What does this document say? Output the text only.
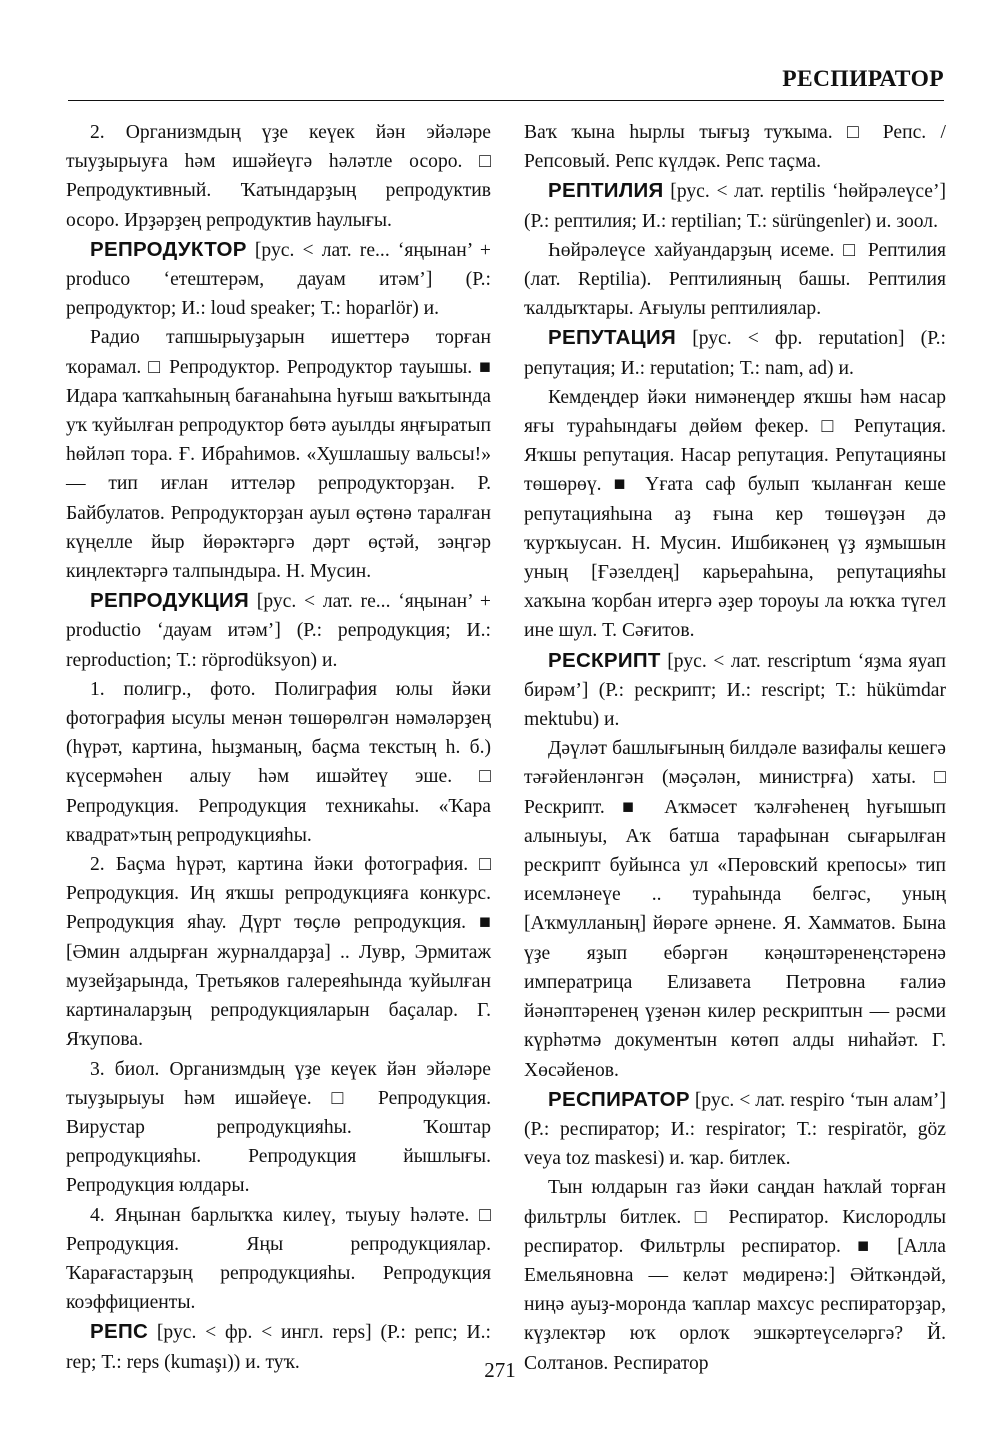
РЕСПИРАТОР

2. Организмдың үҙе кеүек йән эйәләре тыуҙырыуға һәм ишәйеүгә һәләтле осоро. □ Репродуктивный. Ҡатындарҙың репродуктив осоро. Ирҙәрҙең репродуктив һаулығы.

РЕПРОДУКТОР [рус. < лат. re... ‘яңынан’ + produco ‘етештерәм, дауам итәм’] (Р.: репродуктор; И.: loud speaker; Т.: hoparlör) и.

Радио тапшырыуҙарын ишеттерә торған ҡорамал. □ Репродуктор. Репродуктор тауышы. ■ Идара ҡапҡаһының бағанаһына һуғыш ваҡытында уҡ ҡуйылған репродуктор бөтә ауылды яңғыратып һөйләп тора. Ғ. Ибраһимов. «Хушлашыу вальсы!» — тип иғлан иттеләр репродукторҙан. Р. Байбулатов. Репродукторҙан ауыл өҫтөнә таралған күңелле йыр йөрәктәргә дәрт өҫтәй, зәңгәр киңлектәргә талпындыра. Н. Мусин.

РЕПРОДУКЦИЯ [рус. < лат. re... ‘яңынан’ + productio ‘дауам итәм’] (Р.: репродукция; И.: reproduction; Т.: röprodüksyon) и.

1. полигр., фото. Полиграфия юлы йәки фотография ысулы менән төшөрөлгән нәмәләрҙең (һүрәт, картина, һыҙманың, баҫма текстың һ. б.) күсермәһен алыу һәм ишәйтеү эше. □ Репродукция. Репродукция техникаһы. «Ҡара квадрат»тың репродукцияһы.

2. Баҫма һүрәт, картина йәки фотография. □ Репродукция. Иң яҡшы репродукцияға конкурс. Репродукция яһау. Дүрт төҫлө репродукция. ■ [Әмин алдырған журналдарҙа] .. Лувр, Эрмитаж музейҙарында, Третьяков галереяһында ҡуйылған картиналарҙың репродукцияларын баҫалар. Г. Яҡупова.

3. биол. Организмдың үҙе кеүек йән эйәләре тыуҙырыуы һәм ишәйеүе. □ Репродукция. Вирустар репродукцияһы. Ҡоштар репродукцияһы. Репродукция йышлығы. Репродукция юлдары.

4. Яңынан барлыҡҡа килеү, тыуыу һәләте. □ Репродукция. Яңы репродукциялар. Ҡарағастарҙың репродукцияһы. Репродукция коэффициенты.

РЕПС [рус. < фр. < ингл. reps] (Р.: репс; И.: rep; Т.: reps (kumaşı)) и. туҡ.

Ваҡ ҡына һырлы тығыҙ туҡыма. □ Репс. / Репсовый. Репс күлдәк. Репс таҫма.

РЕПТИЛИЯ [рус. < лат. reptilis ‘һөйрәлеүсе’] (Р.: рептилия; И.: reptilian; Т.: sürüngenler) и. зоол.

Һөйрәлеүсе хайуандарҙың исеме. □ Рептилия (лат. Reptilia). Рептилияның башы. Рептилия ҡалдыҡтары. Ағыулы рептилиялар.

РЕПУТАЦИЯ [рус. < фр. reputation] (Р.: репутация; И.: reputation; Т.: nam, ad) и.

Кемдеңдер йәки нимәнеңдер яҡшы һәм насар яғы тураһындағы дөйөм фекер. □ Репутация. Яҡшы репутация. Насар репутация. Репутацияны төшөрөү. ■ Үғата саф булып ҡыланған кеше репутацияһына аҙ ғына кер төшөүҙән дә ҡурҡыусан. Н. Мусин. Ишбикәнең үҙ яҙмышын уның [Ғәзелдең] карьераһына, репутацияһы хаҡына ҡорбан итергә әҙер тороуы ла юҡҡа түгел ине шул. Т. Сәғитов.

РЕСКРИПТ [рус. < лат. rescriptum ‘яҙма яуап бирәм’] (Р.: рескрипт; И.: rescript; Т.: hükümdar mektubu) и.

Дәүләт башлығының билдәле вазифалы кешегә тәғәйенләнгән (мәҫәлән, министрға) хаты. □ Рескрипт. ■ Аҡмәсет ҡәлғәһенең һуғышып алыныуы, Аҡ батша тарафынан сығарылған рескрипт буйынса ул «Перовский крепосы» тип исемләнеүе .. тураһында белгәс, уның [Аҡмулланың] йөрәге әрнене. Я. Хамматов. Бына үҙе яҙып ебәргән кәңәштәренеңстәренә императрица Елизавета Петровна ғалиә йәнәптәренең үҙенән килер рескриптын — рәсми күрһәтмә документын көтөп алды ниһайәт. Г. Хөсәйенов.

РЕСПИРАТОР [рус. < лат. respiro ‘тын алам’] (Р.: респиратор; И.: respirator; Т.: respiratör, göz veya toz maskesi) и. ҡар. битлек.

Тын юлдарын газ йәки саңдан һаҡлай торған фильтрлы битлек. □ Респиратор. Кислородлы респиратор. Фильтрлы респиратор. ■ [Алла Емельяновна — келәт мөдиренә:] Әйткәндәй, ниңә ауыҙ-моронда ҡаплар махсус респираторҙар, күҙлектәр юҡ орлоҡ эшкәртеүселәргә? Й. Солтанов. Респиратор

271
